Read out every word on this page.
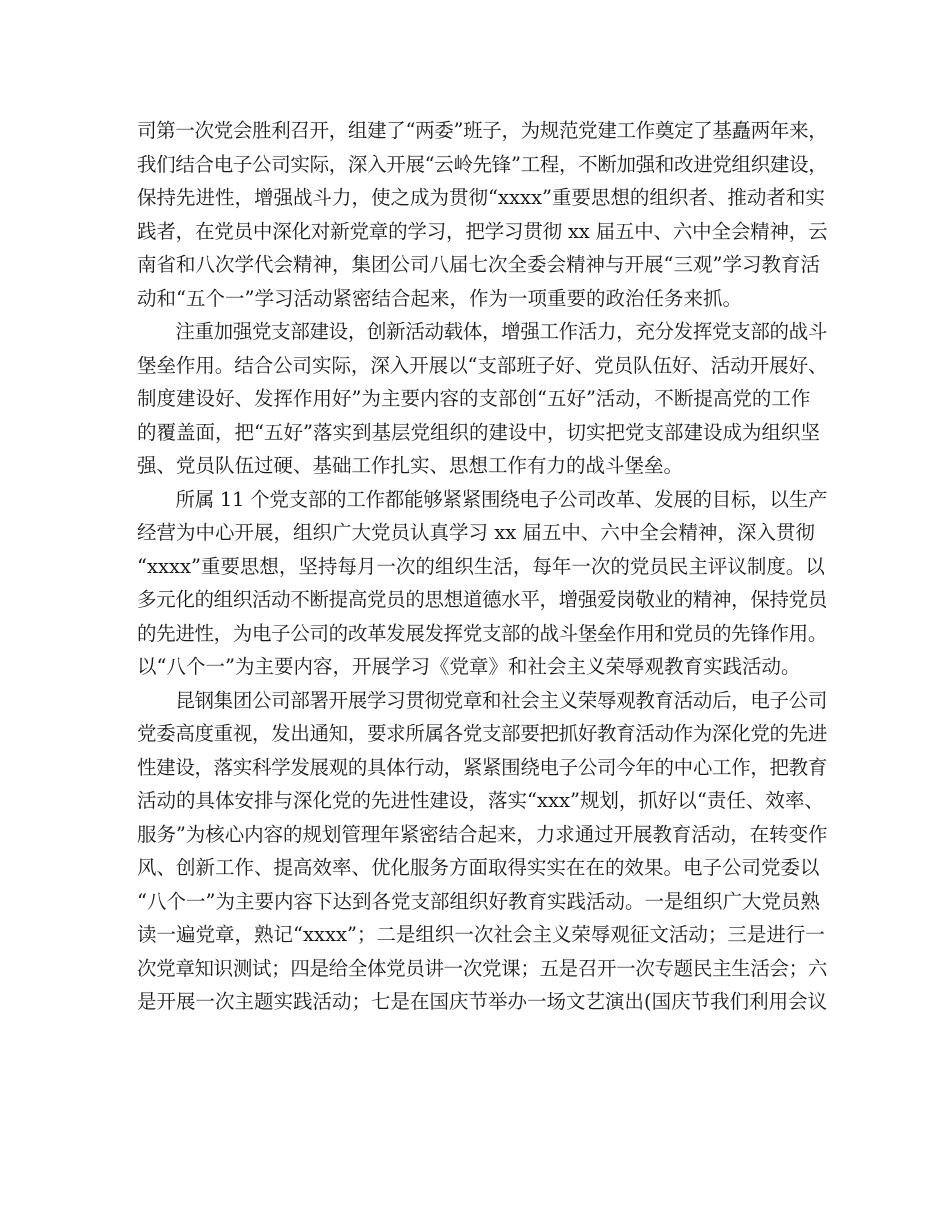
司第一次党会胜利召开，组建了“两委”班子，为规范党建工作奠定了基矗两年来，
我们结合电子公司实际，深入开展“云岭先锋”工程，不断加强和改进党组织建设，
保持先进性，增强战斗力，使之成为贯彻“xxxx”重要思想的组织者、推动者和实
践者，在党员中深化对新党章的学习，把学习贯彻 xx 届五中、六中全会精神，云
南省和八次学代会精神，集团公司八届七次全委会精神与开展“三观”学习教育活
动和“五个一”学习活动紧密结合起来，作为一项重要的政治任务来抓。
　　注重加强党支部建设，创新活动载体，增强工作活力，充分发挥党支部的战斗
堡垒作用。结合公司实际，深入开展以“支部班子好、党员队伍好、活动开展好、
制度建设好、发挥作用好”为主要内容的支部创“五好”活动，不断提高党的工作
的覆盖面，把“五好”落实到基层党组织的建设中，切实把党支部建设成为组织坚
强、党员队伍过硬、基础工作扎实、思想工作有力的战斗堡垒。
　　所属 11 个党支部的工作都能够紧紧围绕电子公司改革、发展的目标，以生产
经营为中心开展，组织广大党员认真学习 xx 届五中、六中全会精神，深入贯彻
“xxxx”重要思想，坚持每月一次的组织生活，每年一次的党员民主评议制度。以
多元化的组织活动不断提高党员的思想道德水平，增强爱岗敬业的精神，保持党员
的先进性，为电子公司的改革发展发挥党支部的战斗堡垒作用和党员的先锋作用。
以“八个一”为主要内容，开展学习《党章》和社会主义荣辱观教育实践活动。
　　昆钢集团公司部署开展学习贯彻党章和社会主义荣辱观教育活动后，电子公司
党委高度重视，发出通知，要求所属各党支部要把抓好教育活动作为深化党的先进
性建设，落实科学发展观的具体行动，紧紧围绕电子公司今年的中心工作，把教育
活动的具体安排与深化党的先进性建设，落实“xxx”规划，抓好以“责任、效率、
服务”为核心内容的规划管理年紧密结合起来，力求通过开展教育活动，在转变作
风、创新工作、提高效率、优化服务方面取得实实在在的效果。电子公司党委以
“八个一”为主要内容下达到各党支部组织好教育实践活动。一是组织广大党员熟
读一遍党章，熟记“xxxx”；二是组织一次社会主义荣辱观征文活动；三是进行一
次党章知识测试；四是给全体党员讲一次党课；五是召开一次专题民主生活会；六
是开展一次主题实践活动；七是在国庆节举办一场文艺演出(国庆节我们利用会议
